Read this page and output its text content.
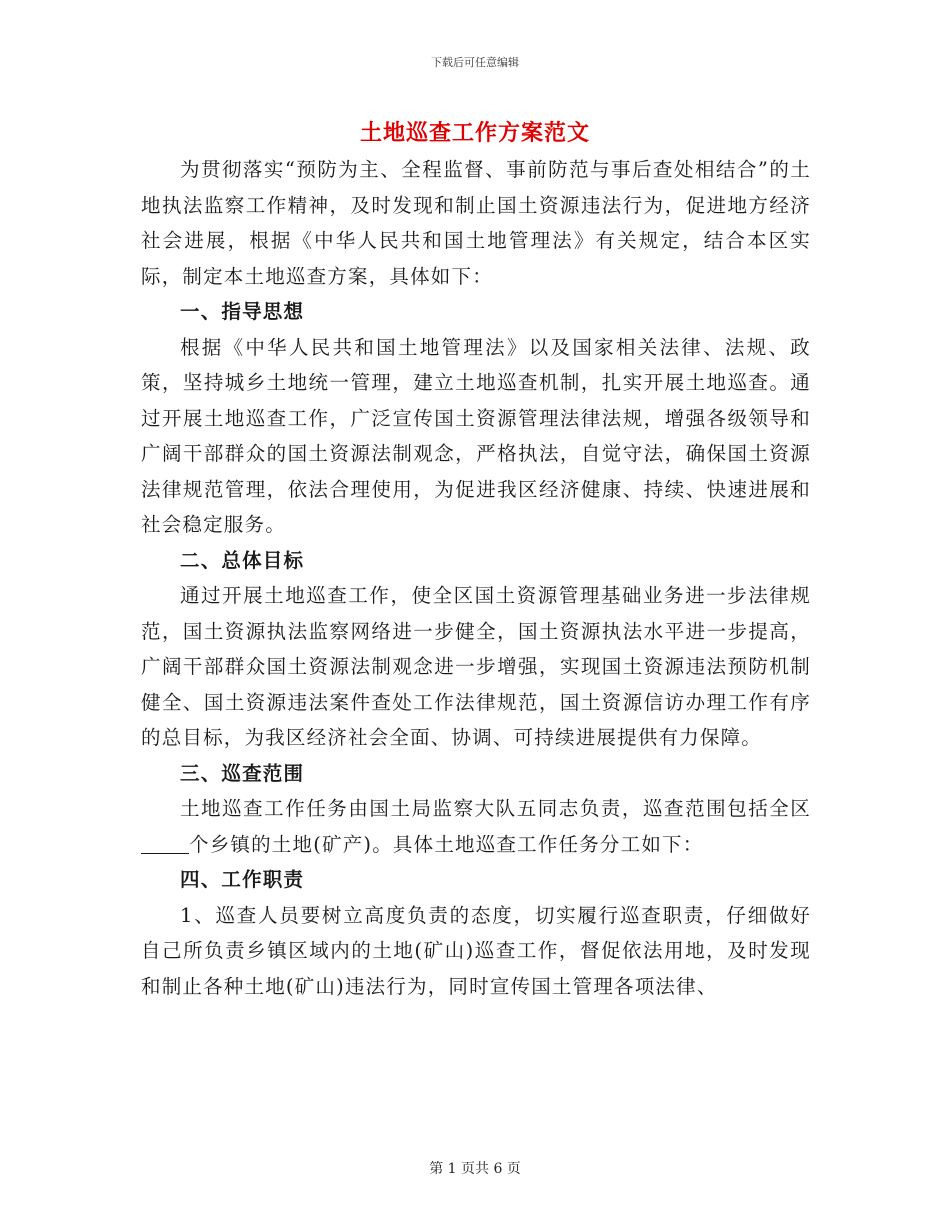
下载后可任意编辑
土地巡查工作方案范文

为贯彻落实“预防为主、全程监督、事前防范与事后查处相结合”的土地执法监察工作精神，及时发现和制止国土资源违法行为，促进地方经济社会进展，根据《中华人民共和国土地管理法》有关规定，结合本区实际，制定本土地巡查方案，具体如下：

一、指导思想

根据《中华人民共和国土地管理法》以及国家相关法律、法规、政策，坚持城乡土地统一管理，建立土地巡查机制，扎实开展土地巡查。通过开展土地巡查工作，广泛宣传国土资源管理法律法规，增强各级领导和广阔干部群众的国土资源法制观念，严格执法，自觉守法，确保国土资源法律规范管理，依法合理使用，为促进我区经济健康、持续、快速进展和社会稳定服务。

二、总体目标

通过开展土地巡查工作，使全区国土资源管理基础业务进一步法律规范，国土资源执法监察网络进一步健全，国土资源执法水平进一步提高，广阔干部群众国土资源法制观念进一步增强，实现国土资源违法预防机制健全、国土资源违法案件查处工作法律规范，国土资源信访办理工作有序的总目标，为我区经济社会全面、协调、可持续进展提供有力保障。

三、巡查范围

土地巡查工作任务由国土局监察大队五同志负责，巡查范围包括全区个乡镇的土地(矿产)。具体土地巡查工作任务分工如下：

四、工作职责

1、巡查人员要树立高度负责的态度，切实履行巡查职责，仔细做好自己所负责乡镇区域内的土地(矿山)巡查工作，督促依法用地，及时发现和制止各种土地(矿山)违法行为，同时宣传国土管理各项法律、

第 1 页共 6 页
